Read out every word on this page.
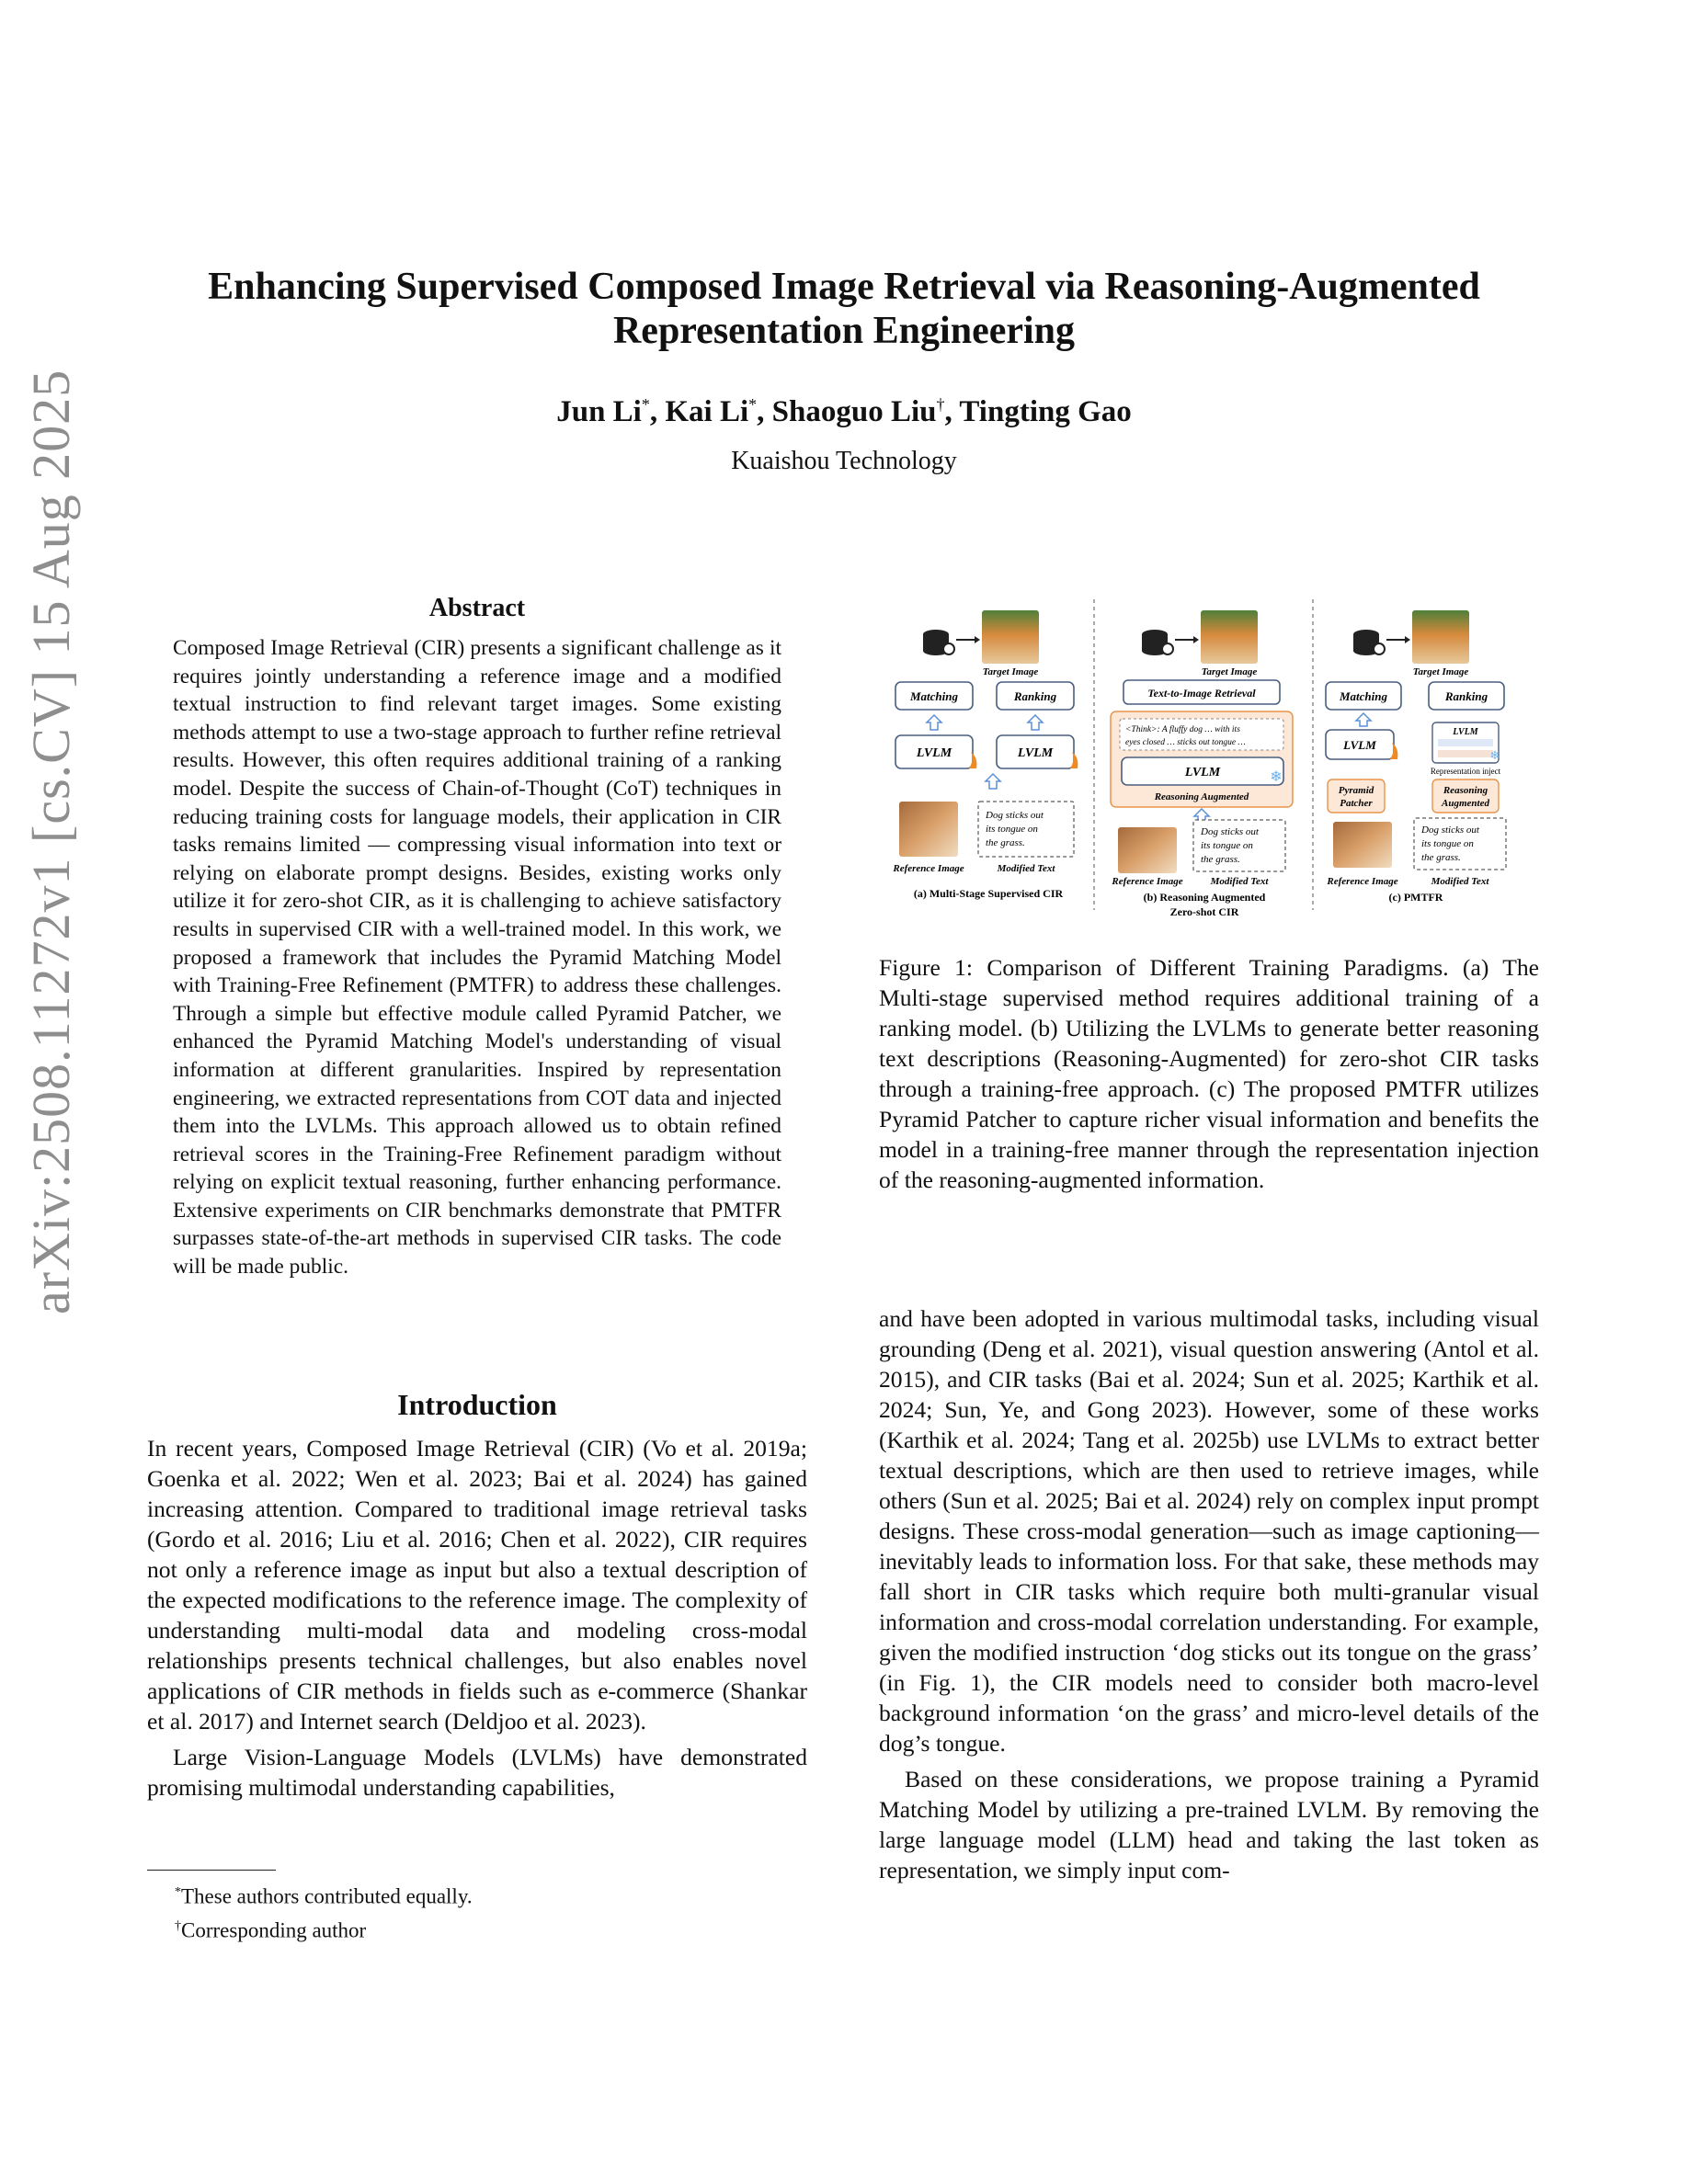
arXiv:2508.11272v1 [cs.CV] 15 Aug 2025
Enhancing Supervised Composed Image Retrieval via Reasoning-Augmented
Representation Engineering
Jun Li*, Kai Li*, Shaoguo Liu†, Tingting Gao
Kuaishou Technology
Abstract

Composed Image Retrieval (CIR) presents a significant challenge as it requires jointly understanding a reference image and a modified textual instruction to find relevant target images. Some existing methods attempt to use a two-stage approach to further refine retrieval results. However, this often requires additional training of a ranking model. Despite the success of Chain-of-Thought (CoT) techniques in reducing training costs for language models, their application in CIR tasks remains limited — compressing visual information into text or relying on elaborate prompt designs. Besides, existing works only utilize it for zero-shot CIR, as it is challenging to achieve satisfactory results in supervised CIR with a well-trained model. In this work, we proposed a framework that includes the Pyramid Matching Model with Training-Free Refinement (PMTFR) to address these challenges. Through a simple but effective module called Pyramid Patcher, we enhanced the Pyramid Matching Model's understanding of visual information at different granularities. Inspired by representation engineering, we extracted representations from COT data and injected them into the LVLMs. This approach allowed us to obtain refined retrieval scores in the Training-Free Refinement paradigm without relying on explicit textual reasoning, further enhancing performance. Extensive experiments on CIR benchmarks demonstrate that PMTFR surpasses state-of-the-art methods in supervised CIR tasks. The code will be made public.

Introduction

In recent years, Composed Image Retrieval (CIR) (Vo et al. 2019a; Goenka et al. 2022; Wen et al. 2023; Bai et al. 2024) has gained increasing attention. Compared to traditional image retrieval tasks (Gordo et al. 2016; Liu et al. 2016; Chen et al. 2022), CIR requires not only a reference image as input but also a textual description of the expected modifications to the reference image. The complexity of understanding multi-modal data and modeling cross-modal relationships presents technical challenges, but also enables novel applications of CIR methods in fields such as e-commerce (Shankar et al. 2017) and Internet search (Deldjoo et al. 2023).

Large Vision-Language Models (LVLMs) have demonstrated promising multimodal understanding capabilities,

*These authors contributed equally.
†Corresponding author
Target Image
Matching	Ranking
LVLM	LVLM
Dog sticks out
its tongue on
the grass.
Reference Image	Modified Text
(a) Multi-Stage Supervised CIR
Target Image
Text-to-Image Retrieval
<Think>: A fluffy dog … with its
eyes closed … sticks out tongue …
LVLM	❄
Reasoning Augmented
Dog sticks out
its tongue on
the grass.
Reference Image	Modified Text
(b) Reasoning Augmented
Zero-shot CIR
Target Image
Matching	Ranking
LVLM
LVLM
❄
Representation inject
Pyramid
Patcher
Reasoning
Augmented
Dog sticks out
its tongue on
the grass.
Reference Image	Modified Text
(c) PMTFR

Figure 1: Comparison of Different Training Paradigms. (a) The Multi-stage supervised method requires additional training of a ranking model. (b) Utilizing the LVLMs to generate better reasoning text descriptions (Reasoning-Augmented) for zero-shot CIR tasks through a training-free approach. (c) The proposed PMTFR utilizes Pyramid Patcher to capture richer visual information and benefits the model in a training-free manner through the representation injection of the reasoning-augmented information.

and have been adopted in various multimodal tasks, including visual grounding (Deng et al. 2021), visual question answering (Antol et al. 2015), and CIR tasks (Bai et al. 2024; Sun et al. 2025; Karthik et al. 2024; Sun, Ye, and Gong 2023). However, some of these works (Karthik et al. 2024; Tang et al. 2025b) use LVLMs to extract better textual descriptions, which are then used to retrieve images, while others (Sun et al. 2025; Bai et al. 2024) rely on complex input prompt designs. These cross-modal generation—such as image captioning—inevitably leads to information loss. For that sake, these methods may fall short in CIR tasks which require both multi-granular visual information and cross-modal correlation understanding. For example, given the modified instruction ‘dog sticks out its tongue on the grass’ (in Fig. 1), the CIR models need to consider both macro-level background information ‘on the grass’ and micro-level details of the dog’s tongue.

Based on these considerations, we propose training a Pyramid Matching Model by utilizing a pre-trained LVLM. By removing the large language model (LLM) head and taking the last token as representation, we simply input com-
